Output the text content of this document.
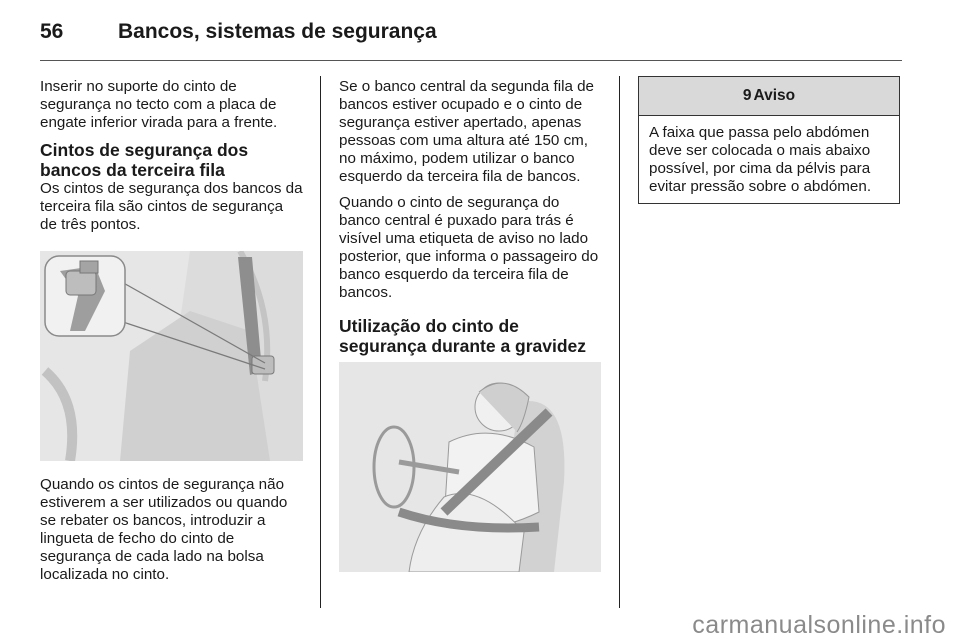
56	Bancos, sistemas de segurança

Inserir no suporte do cinto de segurança no tecto com a placa de engate inferior virada para a frente.

Cintos de segurança dos bancos da terceira fila

Os cintos de segurança dos bancos da terceira fila são cintos de segurança de três pontos.

Quando os cintos de segurança não estiverem a ser utilizados ou quando se rebater os bancos, introduzir a lingueta de fecho do cinto de segurança de cada lado na bolsa localizada no cinto.

Se o banco central da segunda fila de bancos estiver ocupado e o cinto de segurança estiver apertado, apenas pessoas com uma altura até 150 cm, no máximo, podem utilizar o banco esquerdo da terceira fila de bancos.

Quando o cinto de segurança do banco central é puxado para trás é visível uma etiqueta de aviso no lado posterior, que informa o passageiro do banco esquerdo da terceira fila de bancos.

Utilização do cinto de segurança durante a gravidez
9 Aviso
A faixa que passa pelo abdómen deve ser colocada o mais abaixo possível, por cima da pélvis para evitar pressão sobre o abdómen.
carmanualsonline.info
